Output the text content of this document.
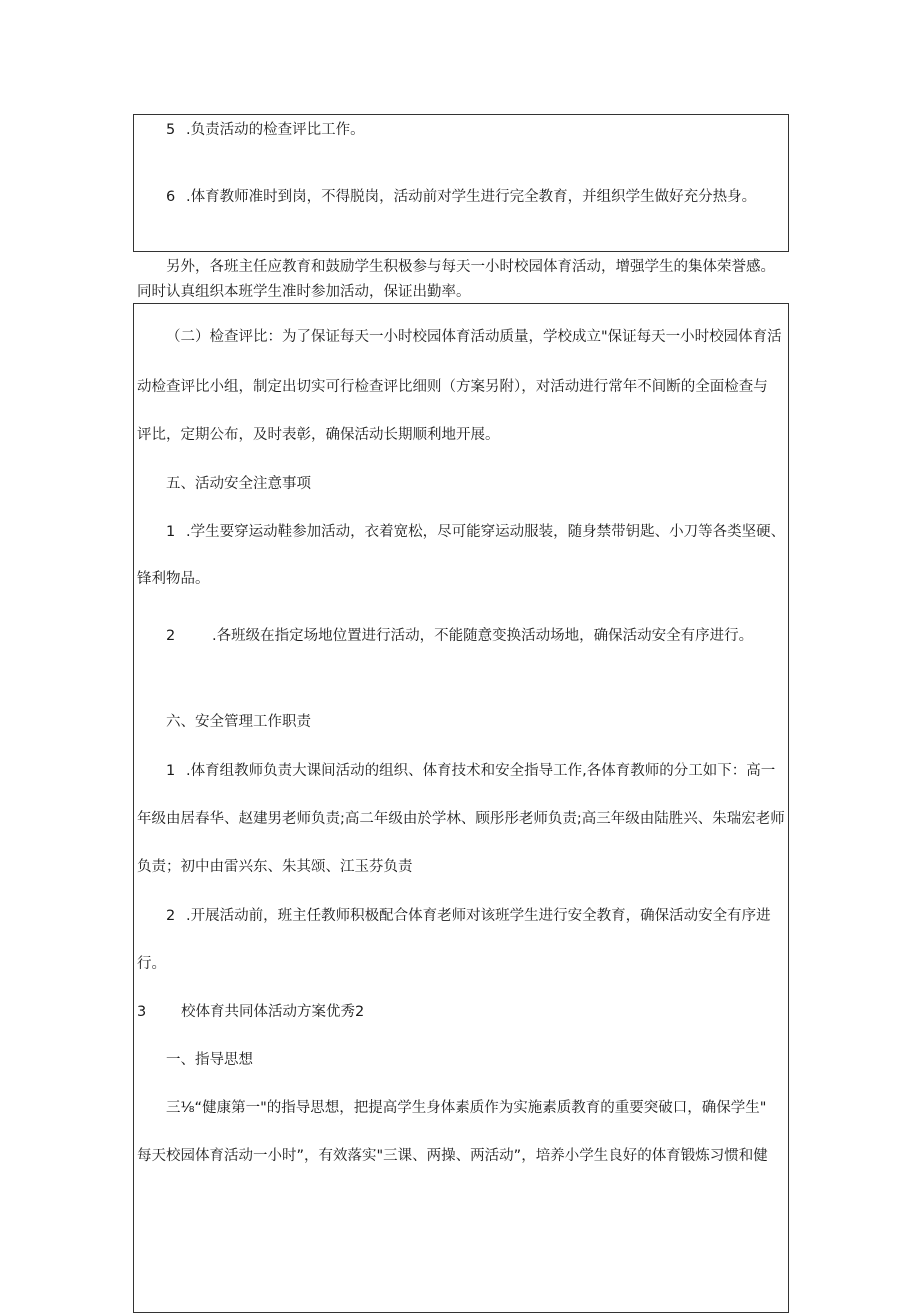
5 .负责活动的检查评比工作。
6 .体育教师准时到岗，不得脱岗，活动前对学生进行完全教育，并组织学生做好充分热身。
另外，各班主任应教育和鼓励学生积极参与每天一小时校园体育活动，增强学生的集体荣誉感。
同时认真组织本班学生准时参加活动，保证出勤率。
（二）检查评比：为了保证每天一小时校园体育活动质量，学校成立"保证每天一小时校园体育活
动检查评比小组，制定出切实可行检查评比细则（方案另附），对活动进行常年不间断的全面检查与
评比，定期公布，及时表彰，确保活动长期顺利地开展。
五、活动安全注意事项
1 .学生要穿运动鞋参加活动，衣着宽松，尽可能穿运动服装，随身禁带钥匙、小刀等各类坚硬、
锋利物品。
2	.各班级在指定场地位置进行活动，不能随意变换活动场地，确保活动安全有序进行。
六、安全管理工作职责
1 .体育组教师负责大课间活动的组织、体育技术和安全指导工作,各体育教师的分工如下：高一
年级由居春华、赵建男老师负责;高二年级由於学林、顾彤彤老师负责;高三年级由陆胜兴、朱瑞宏老师
负责；初中由雷兴东、朱其颂、江玉芬负责
2 .开展活动前，班主任教师积极配合体育老师对该班学生进行安全教育，确保活动安全有序进
行。
3 校体育共同体活动方案优秀2
一、指导思想
三⅛“健康第一"的指导思想，把提高学生身体素质作为实施素质教育的重要突破口，确保学生"
每天校园体育活动一小时”，有效落实"三课、两操、两活动”，培养小学生良好的体育锻炼习惯和健
